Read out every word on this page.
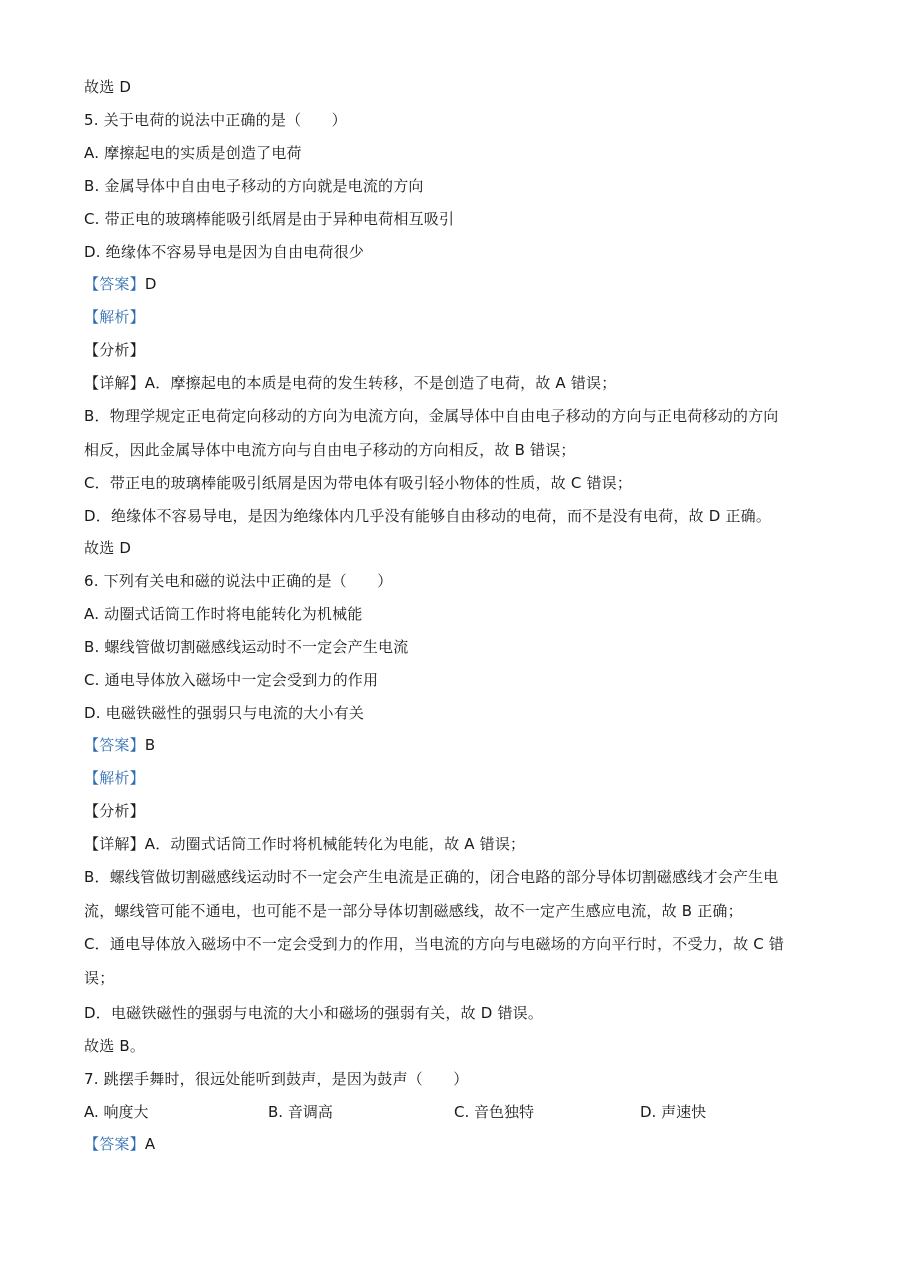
故选 D
5. 关于电荷的说法中正确的是（　　）
A. 摩擦起电的实质是创造了电荷
B. 金属导体中自由电子移动的方向就是电流的方向
C. 带正电的玻璃棒能吸引纸屑是由于异种电荷相互吸引
D. 绝缘体不容易导电是因为自由电荷很少
【答案】D
【解析】
【分析】
【详解】A．摩擦起电的本质是电荷的发生转移，不是创造了电荷，故 A 错误；
B．物理学规定正电荷定向移动的方向为电流方向，金属导体中自由电子移动的方向与正电荷移动的方向
相反，因此金属导体中电流方向与自由电子移动的方向相反，故 B 错误；
C．带正电的玻璃棒能吸引纸屑是因为带电体有吸引轻小物体的性质，故 C 错误；
D．绝缘体不容易导电，是因为绝缘体内几乎没有能够自由移动的电荷，而不是没有电荷，故 D 正确。
故选 D
6. 下列有关电和磁的说法中正确的是（　　）
A. 动圈式话筒工作时将电能转化为机械能
B. 螺线管做切割磁感线运动时不一定会产生电流
C. 通电导体放入磁场中一定会受到力的作用
D. 电磁铁磁性的强弱只与电流的大小有关
【答案】B
【解析】
【分析】
【详解】A．动圈式话筒工作时将机械能转化为电能，故 A 错误；
B．螺线管做切割磁感线运动时不一定会产生电流是正确的，闭合电路的部分导体切割磁感线才会产生电
流，螺线管可能不通电，也可能不是一部分导体切割磁感线，故不一定产生感应电流，故 B 正确；
C．通电导体放入磁场中不一定会受到力的作用，当电流的方向与电磁场的方向平行时，不受力，故 C 错
误；
D．电磁铁磁性的强弱与电流的大小和磁场的强弱有关，故 D 错误。
故选 B。
7. 跳摆手舞时，很远处能听到鼓声，是因为鼓声（　　）
A. 响度大	B. 音调高	C. 音色独特	D. 声速快
【答案】A
